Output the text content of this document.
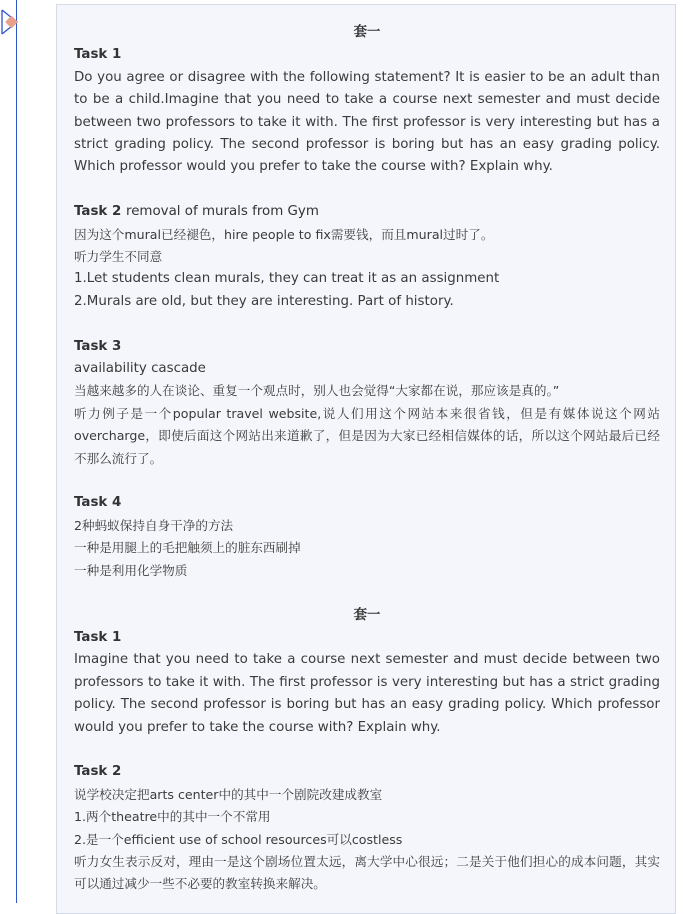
套一

Task 1

Do you agree or disagree with the following statement? It is easier to be an adult than to be a child.Imagine that you need to take a course next semester and must decide between two professors to take it with. The first professor is very interesting but has a strict grading policy. The second professor is boring but has an easy grading policy. Which professor would you prefer to take the course with? Explain why.

Task 2 removal of murals from Gym

因为这个mural已经褪色，hire people to fix需要钱，而且mural过时了。

听力学生不同意

1.Let students clean murals, they can treat it as an assignment

2.Murals are old, but they are interesting. Part of history.

Task 3

availability cascade

当越来越多的人在谈论、重复一个观点时，别人也会觉得“大家都在说，那应该是真的。”

听力例子是一个popular travel website,说人们用这个网站本来很省钱，但是有媒体说这个网站overcharge，即使后面这个网站出来道歉了，但是因为大家已经相信媒体的话，所以这个网站最后已经不那么流行了。

Task 4

2种蚂蚁保持自身干净的方法

一种是用腿上的毛把触须上的脏东西刷掉

一种是利用化学物质

套一

Task 1

Imagine that you need to take a course next semester and must decide between two professors to take it with. The first professor is very interesting but has a strict grading policy. The second professor is boring but has an easy grading policy. Which professor would you prefer to take the course with? Explain why.

Task 2

说学校决定把arts center中的其中一个剧院改建成教室

1.两个theatre中的其中一个不常用

2.是一个efficient use of school resources可以costless

听力女生表示反对，理由一是这个剧场位置太远，离大学中心很远；二是关于他们担心的成本问题，其实可以通过减少一些不必要的教室转换来解决。
